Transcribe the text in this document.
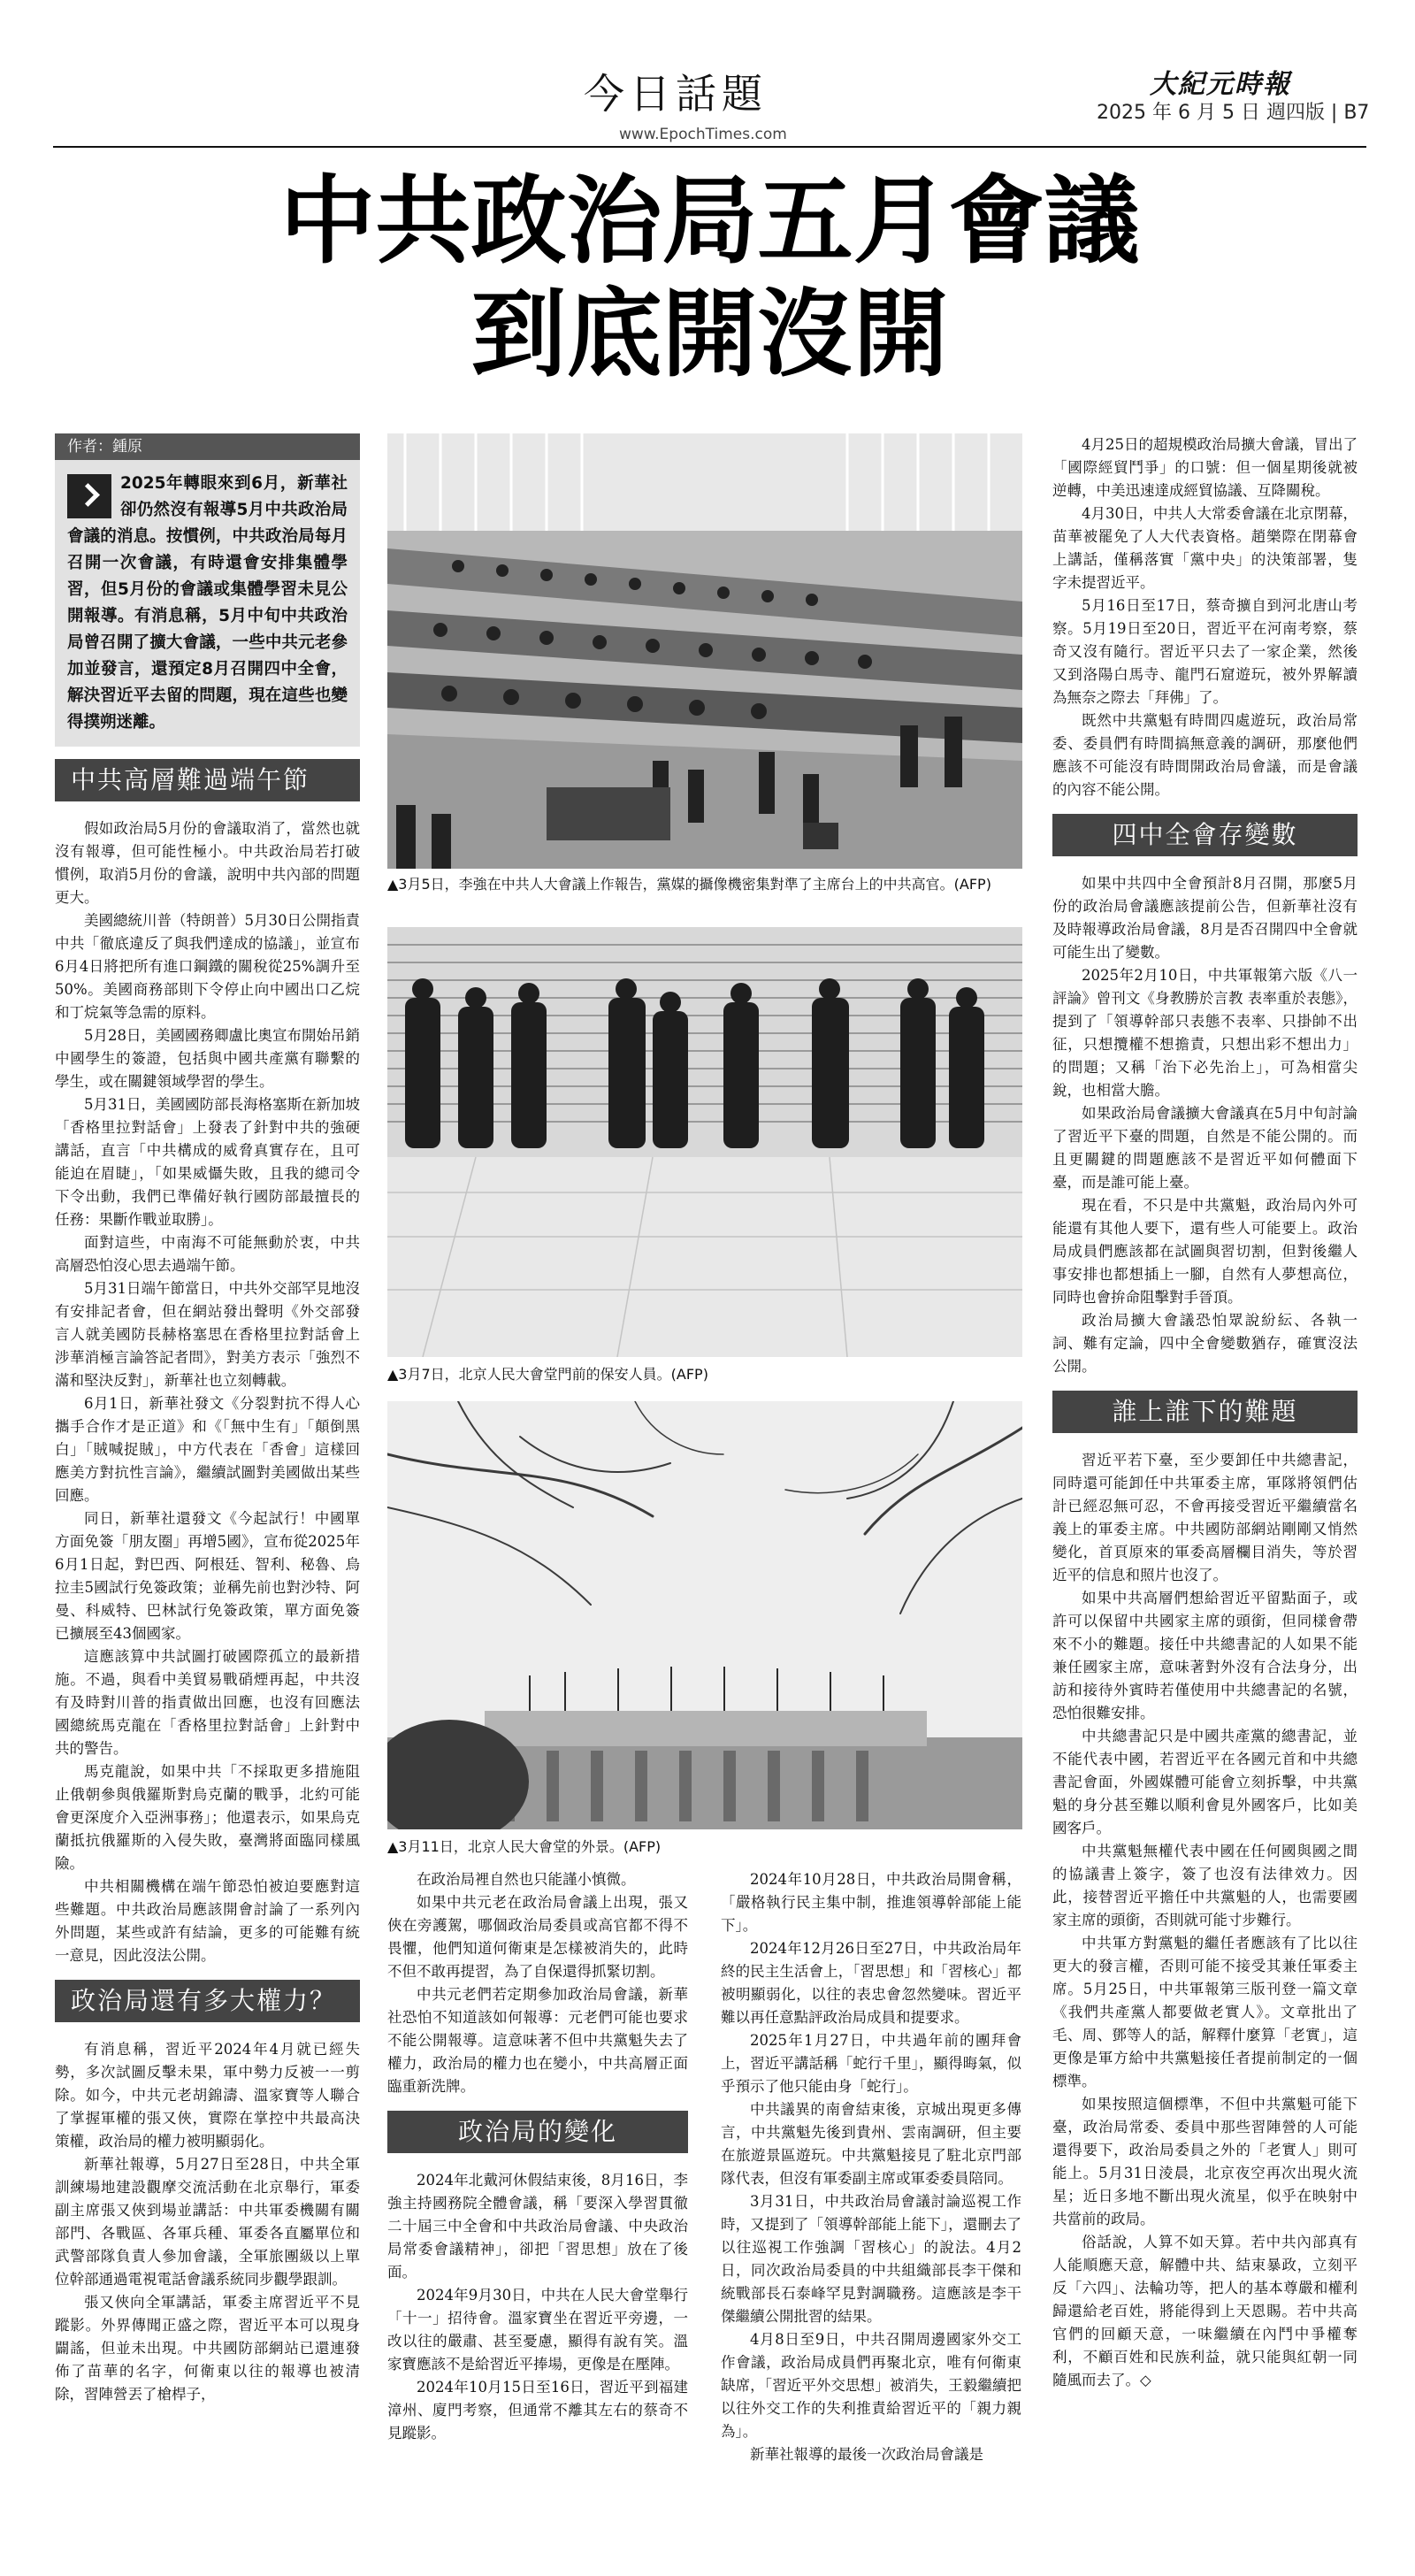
今日話題
www.EpochTimes.com
大紀元時報
2025 年 6 月 5 日 週四版 | B7
中共政治局五月會議
到底開沒開
作者：鍾原
2025年轉眼來到6月，新華社卻仍然沒有報導5月中共政治局會議的消息。按慣例，中共政治局每月召開一次會議，有時還會安排集體學習，但5月份的會議或集體學習未見公開報導。有消息稱，5月中旬中共政治局曾召開了擴大會議，一些中共元老參加並發言，還預定8月召開四中全會，解決習近平去留的問題，現在這些也變得撲朔迷離。
中共高層難過端午節

假如政治局5月份的會議取消了，當然也就沒有報導，但可能性極小。中共政治局若打破慣例，取消5月份的會議，說明中共內部的問題更大。

美國總統川普（特朗普）5月30日公開指責中共「徹底違反了與我們達成的協議」，並宣布6月4日將把所有進口鋼鐵的關稅從25%調升至50%。美國商務部則下令停止向中國出口乙烷和丁烷氣等急需的原料。

5月28日，美國國務卿盧比奧宣布開始吊銷中國學生的簽證，包括與中國共產黨有聯繫的學生，或在關鍵領域學習的學生。

5月31日，美國國防部長海格塞斯在新加坡「香格里拉對話會」上發表了針對中共的強硬講話，直言「中共構成的威脅真實存在，且可能迫在眉睫」，「如果威懾失敗，且我的總司令下令出動，我們已準備好執行國防部最擅長的任務：果斷作戰並取勝」。

面對這些，中南海不可能無動於衷，中共高層恐怕沒心思去過端午節。

5月31日端午節當日，中共外交部罕見地沒有安排記者會，但在網站發出聲明《外交部發言人就美國防長赫格塞思在香格里拉對話會上涉華消極言論答記者問》，對美方表示「強烈不滿和堅決反對」，新華社也立刻轉載。

6月1日，新華社發文《分裂對抗不得人心 攜手合作才是正道》和《「無中生有」「顛倒黑白」「賊喊捉賊」，中方代表在「香會」這樣回應美方對抗性言論》，繼續試圖對美國做出某些回應。

同日，新華社還發文《今起試行！中國單方面免簽「朋友圈」再增5國》，宣布從2025年6月1日起，對巴西、阿根廷、智利、秘魯、烏拉圭5國試行免簽政策；並稱先前也對沙特、阿曼、科威特、巴林試行免簽政策，單方面免簽已擴展至43個國家。

這應該算中共試圖打破國際孤立的最新措施。不過，與看中美貿易戰硝煙再起，中共沒有及時對川普的指責做出回應，也沒有回應法國總統馬克龍在「香格里拉對話會」上針對中共的警告。

馬克龍說，如果中共「不採取更多措施阻止俄朝參與俄羅斯對烏克蘭的戰爭，北約可能會更深度介入亞洲事務」；他還表示，如果烏克蘭抵抗俄羅斯的入侵失敗，臺灣將面臨同樣風險。

中共相關機構在端午節恐怕被迫要應對這些難題。中共政治局應該開會討論了一系列內外問題，某些或許有結論，更多的可能難有統一意見，因此沒法公開。

政治局還有多大權力？

有消息稱，習近平2024年4月就已經失勢，多次試圖反擊未果，軍中勢力反被一一剪除。如今，中共元老胡錦濤、溫家寶等人聯合了掌握軍權的張又俠，實際在掌控中共最高決策權，政治局的權力被明顯弱化。

新華社報導，5月27日至28日，中共全軍訓練場地建設觀摩交流活動在北京舉行，軍委副主席張又俠到場並講話：中共軍委機關有關部門、各戰區、各軍兵種、軍委各直屬單位和武警部隊負責人參加會議，全軍旅團級以上單位幹部通過電視電話會議系統同步觀學跟訓。

張又俠向全軍講話，軍委主席習近平不見蹤影。外界傳聞正盛之際，習近平本可以現身闢謠，但並未出現。中共國防部網站已還連發佈了苗華的名字，何衛東以往的報導也被清除，習陣營丟了槍桿子，

▲3月5日，李強在中共人大會議上作報告，黨媒的攝像機密集對準了主席台上的中共高官。(AFP)
▲3月7日，北京人民大會堂門前的保安人員。(AFP)
▲3月11日，北京人民大會堂的外景。(AFP)

在政治局裡自然也只能謹小慎微。

如果中共元老在政治局會議上出現，張又俠在旁護駕，哪個政治局委員或高官都不得不畏懼，他們知道何衛東是怎樣被消失的，此時不但不敢再提習，為了自保還得抓緊切割。

中共元老們若定期參加政治局會議，新華社恐怕不知道該如何報導：元老們可能也要求不能公開報導。這意味著不但中共黨魁失去了權力，政治局的權力也在變小，中共高層正面臨重新洗牌。

政治局的變化

2024年北戴河休假結束後，8月16日，李強主持國務院全體會議，稱「要深入學習貫徹二十屆三中全會和中共政治局會議、中央政治局常委會議精神」，卻把「習思想」放在了後面。

2024年9月30日，中共在人民大會堂舉行「十一」招待會。溫家寶坐在習近平旁邊，一改以往的嚴肅、甚至憂慮，顯得有說有笑。溫家寶應該不是給習近平捧場，更像是在壓陣。

2024年10月15日至16日，習近平到福建漳州、廈門考察，但通常不離其左右的蔡奇不見蹤影。

2024年10月28日，中共政治局開會稱，「嚴格執行民主集中制，推進領導幹部能上能下」。

2024年12月26日至27日，中共政治局年終的民主生活會上，「習思想」和「習核心」都被明顯弱化，以往的表忠會忽然變味。習近平難以再任意點評政治局成員和提要求。

2025年1月27日，中共過年前的團拜會上，習近平講話稱「蛇行千里」，顯得晦氣，似乎預示了他只能由身「蛇行」。

中共議異的南會結束後，京城出現更多傳言，中共黨魁先後到貴州、雲南調研，但主要在旅遊景區遊玩。中共黨魁接見了駐北京門部隊代表，但沒有軍委副主席或軍委委員陪同。

3月31日，中共政治局會議討論巡視工作時，又提到了「領導幹部能上能下」，還刪去了以往巡視工作強調「習核心」的說法。4月2日，同次政治局委員的中共組織部長李干傑和統戰部長石泰峰罕見對調職務。這應該是李干傑繼續公開批習的結果。

4月8日至9日，中共召開周邊國家外交工作會議，政治局成員們再聚北京，唯有何衛東缺席，「習近平外交思想」被消失，王毅繼續把以往外交工作的失利推責給習近平的「親力親為」。

新華社報導的最後一次政治局會議是

4月25日的超規模政治局擴大會議，冒出了「國際經貿鬥爭」的口號：但一個星期後就被逆轉，中美迅速達成經貿協議、互降關稅。

4月30日，中共人大常委會議在北京閉幕，苗華被罷免了人大代表資格。趙樂際在閉幕會上講話，僅稱落實「黨中央」的決策部署，隻字未提習近平。

5月16日至17日，蔡奇擴自到河北唐山考察。5月19日至20日，習近平在河南考察，蔡奇又沒有隨行。習近平只去了一家企業，然後又到洛陽白馬寺、龍門石窟遊玩，被外界解讀為無奈之際去「拜佛」了。

既然中共黨魁有時間四處遊玩，政治局常委、委員們有時間搞無意義的調研，那麼他們應該不可能沒有時間開政治局會議，而是會議的內容不能公開。

四中全會存變數

如果中共四中全會預計8月召開，那麼5月份的政治局會議應該提前公告，但新華社沒有及時報導政治局會議，8月是否召開四中全會就可能生出了變數。

2025年2月10日，中共軍報第六版《八一評論》曾刊文《身教勝於言教 表率重於表態》，提到了「領導幹部只表態不表率、只掛帥不出征，只想攬權不想擔責，只想出彩不想出力」的問題；又稱「治下必先治上」，可為相當尖銳，也相當大膽。

如果政治局會議擴大會議真在5月中旬討論了習近平下臺的問題，自然是不能公開的。而且更關鍵的問題應該不是習近平如何體面下臺，而是誰可能上臺。

現在看，不只是中共黨魁，政治局內外可能還有其他人要下，還有些人可能要上。政治局成員們應該都在試圖與習切割，但對後繼人事安排也都想插上一腳，自然有人夢想高位，同時也會拚命阻擊對手晉頂。

政治局擴大會議恐怕眾說紛紜、各執一詞、難有定論，四中全會變數猶存，確實沒法公開。

誰上誰下的難題

習近平若下臺，至少要卸任中共總書記，同時還可能卸任中共軍委主席，軍隊將領們估計已經忍無可忍，不會再接受習近平繼續當名義上的軍委主席。中共國防部網站剛剛又悄然變化，首頁原來的軍委高層欄目消失，等於習近平的信息和照片也沒了。

如果中共高層們想給習近平留點面子，或許可以保留中共國家主席的頭銜，但同樣會帶來不小的難題。接任中共總書記的人如果不能兼任國家主席，意味著對外沒有合法身分，出訪和接待外賓時若僅使用中共總書記的名號，恐怕很難安排。

中共總書記只是中國共產黨的總書記，並不能代表中國，若習近平在各國元首和中共總書記會面，外國媒體可能會立刻拆擊，中共黨魁的身分甚至難以順利會見外國客戶，比如美國客戶。

中共黨魁無權代表中國在任何國與國之間的協議書上簽字，簽了也沒有法律效力。因此，接替習近平擔任中共黨魁的人，也需要國家主席的頭銜，否則就可能寸步難行。

中共軍方對黨魁的繼任者應該有了比以往更大的發言權，否則可能不接受其兼任軍委主席。5月25日，中共軍報第三版刊登一篇文章《我們共產黨人都要做老實人》。文章批出了毛、周、鄧等人的話，解釋什麼算「老實」，這更像是軍方給中共黨魁接任者提前制定的一個標準。

如果按照這個標準，不但中共黨魁可能下臺，政治局常委、委員中那些習陣營的人可能還得要下，政治局委員之外的「老實人」則可能上。5月31日淩晨，北京夜空再次出現火流星；近日多地不斷出現火流星，似乎在映射中共當前的政局。

俗話說，人算不如天算。若中共內部真有人能順應天意，解體中共、結束暴政，立刻平反「六四」、法輪功等，把人的基本尊嚴和權利歸還給老百姓，將能得到上天恩賜。若中共高官們的回顧天意，一味繼續在內鬥中爭權奪利，不顧百姓和民族利益，就只能與紅朝一同隨風而去了。◇
